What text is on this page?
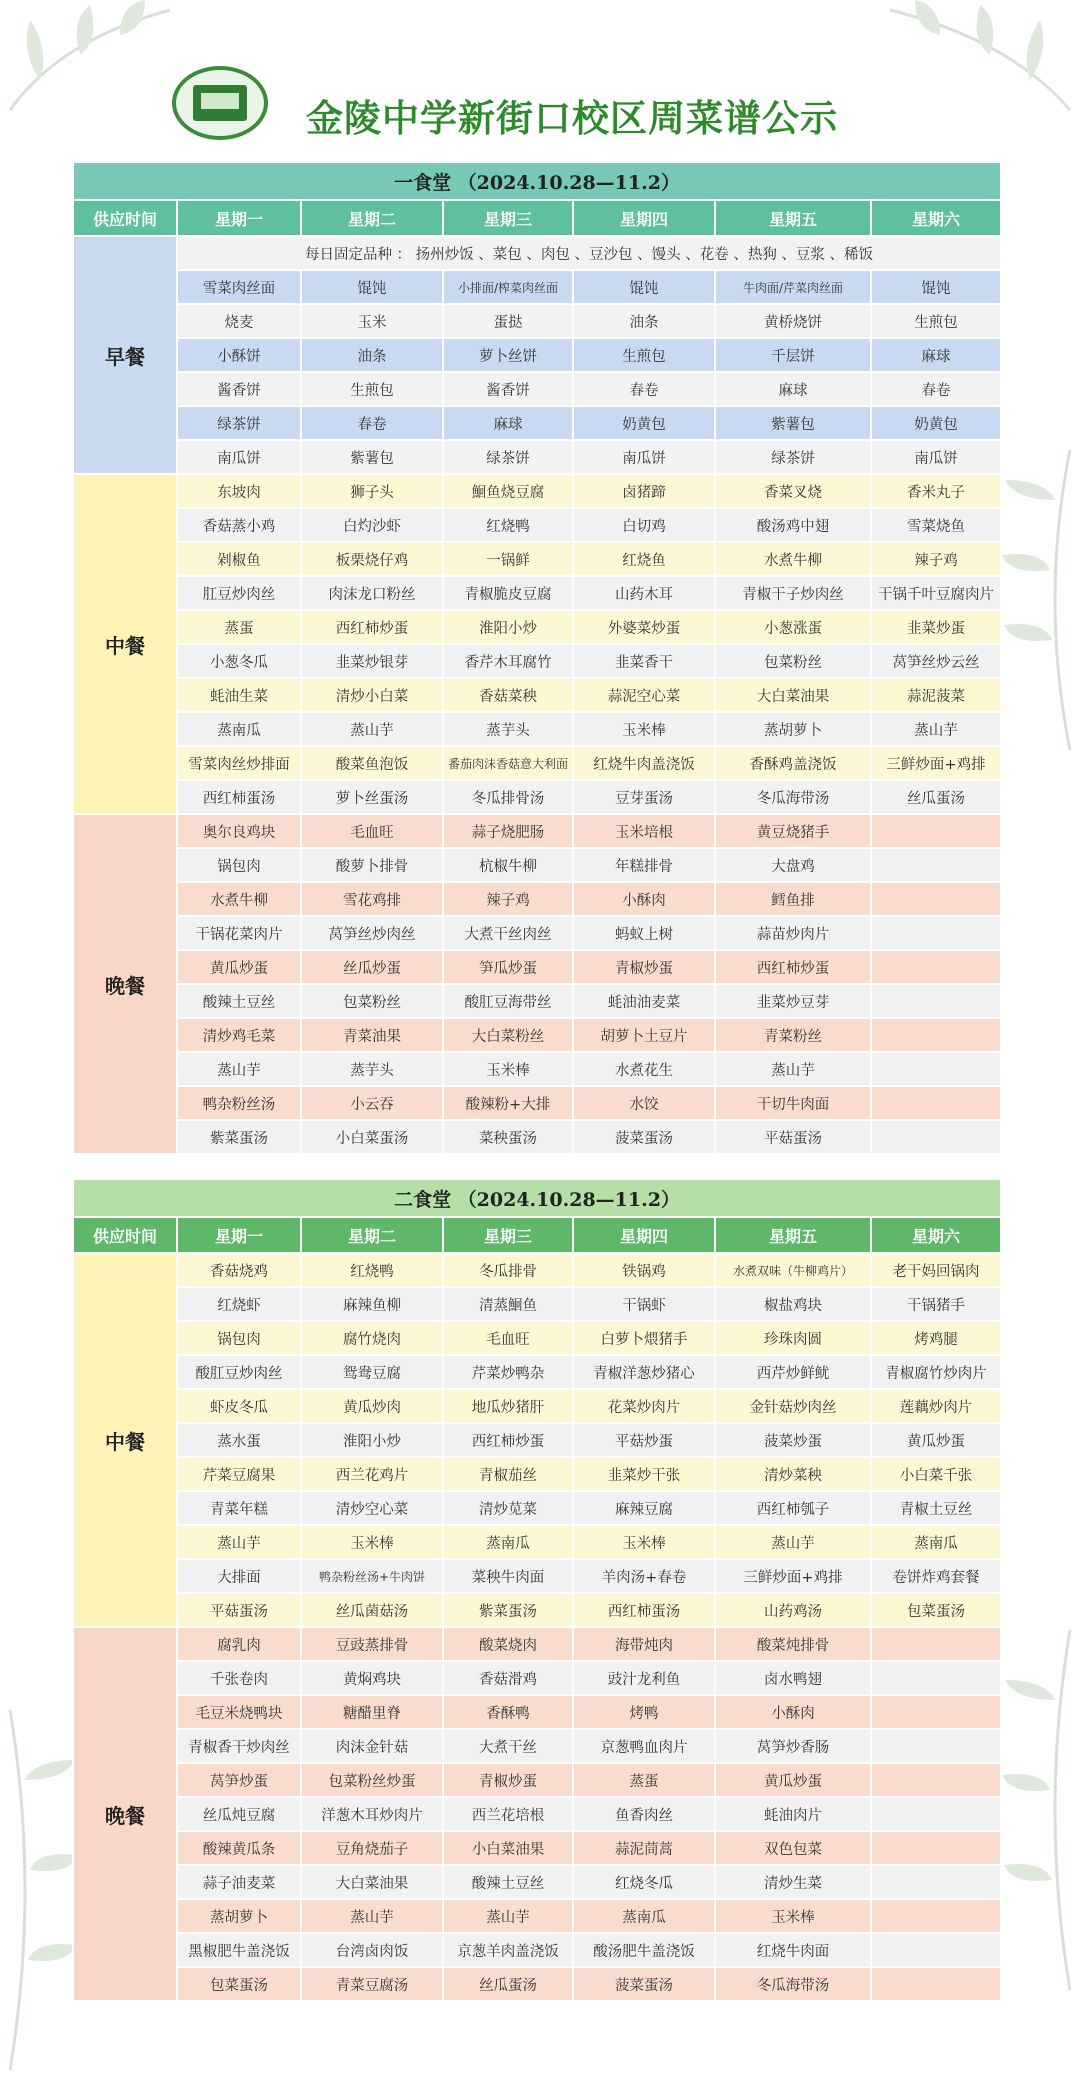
金陵中学新街口校区周菜谱公示
一食堂 （2024.10.28—11.2）						
供应时间	星期一	星期二	星期三	星期四	星期五	星期六
早餐	每日固定品种 ： 扬州炒饭 、菜包 、肉包 、豆沙包 、馒头 、花卷 、热狗 、豆浆 、稀饭					
	雪菜肉丝面	馄饨	小排面/榨菜肉丝面	馄饨	牛肉面/芹菜肉丝面	馄饨
	烧麦	玉米	蛋挞	油条	黄桥烧饼	生煎包
	小酥饼	油条	萝卜丝饼	生煎包	千层饼	麻球
	酱香饼	生煎包	酱香饼	春卷	麻球	春卷
	绿茶饼	春卷	麻球	奶黄包	紫薯包	奶黄包
	南瓜饼	紫薯包	绿茶饼	南瓜饼	绿茶饼	南瓜饼
中餐	东坡肉	狮子头	鮰鱼烧豆腐	卤猪蹄	香菜叉烧	香米丸子
	香菇蒸小鸡	白灼沙虾	红烧鸭	白切鸡	酸汤鸡中翅	雪菜烧鱼
	剁椒鱼	板栗烧仔鸡	一锅鲜	红烧鱼	水煮牛柳	辣子鸡
	肛豆炒肉丝	肉沫龙口粉丝	青椒脆皮豆腐	山药木耳	青椒干子炒肉丝	干锅千叶豆腐肉片
	蒸蛋	西红柿炒蛋	淮阳小炒	外婆菜炒蛋	小葱涨蛋	韭菜炒蛋
	小葱冬瓜	韭菜炒银芽	香芹木耳腐竹	韭菜香干	包菜粉丝	莴笋丝炒云丝
	蚝油生菜	清炒小白菜	香菇菜秧	蒜泥空心菜	大白菜油果	蒜泥菠菜
	蒸南瓜	蒸山芋	蒸芋头	玉米棒	蒸胡萝卜	蒸山芋
	雪菜肉丝炒排面	酸菜鱼泡饭	番茄肉沫香菇意大利面	红烧牛肉盖浇饭	香酥鸡盖浇饭	三鲜炒面+鸡排
	西红柿蛋汤	萝卜丝蛋汤	冬瓜排骨汤	豆芽蛋汤	冬瓜海带汤	丝瓜蛋汤
晚餐	奥尔良鸡块	毛血旺	蒜子烧肥肠	玉米培根	黄豆烧猪手	
	锅包肉	酸萝卜排骨	杭椒牛柳	年糕排骨	大盘鸡	
	水煮牛柳	雪花鸡排	辣子鸡	小酥肉	鳕鱼排	
	干锅花菜肉片	莴笋丝炒肉丝	大煮干丝肉丝	蚂蚁上树	蒜苗炒肉片	
	黄瓜炒蛋	丝瓜炒蛋	笋瓜炒蛋	青椒炒蛋	西红柿炒蛋	
	酸辣土豆丝	包菜粉丝	酸肛豆海带丝	蚝油油麦菜	韭菜炒豆芽	
	清炒鸡毛菜	青菜油果	大白菜粉丝	胡萝卜土豆片	青菜粉丝	
	蒸山芋	蒸芋头	玉米棒	水煮花生	蒸山芋	
	鸭杂粉丝汤	小云吞	酸辣粉+大排	水饺	干切牛肉面	
	紫菜蛋汤	小白菜蛋汤	菜秧蛋汤	菠菜蛋汤	平菇蛋汤	
二食堂 （2024.10.28—11.2）						
供应时间	星期一	星期二	星期三	星期四	星期五	星期六
中餐	香菇烧鸡	红烧鸭	冬瓜排骨	铁锅鸡	水煮双味（牛柳鸡片）	老干妈回锅肉
	红烧虾	麻辣鱼柳	清蒸鮰鱼	干锅虾	椒盐鸡块	干锅猪手
	锅包肉	腐竹烧肉	毛血旺	白萝卜煨猪手	珍珠肉圆	烤鸡腿
	酸肛豆炒肉丝	鸳鸯豆腐	芹菜炒鸭杂	青椒洋葱炒猪心	西芹炒鲜鱿	青椒腐竹炒肉片
	虾皮冬瓜	黄瓜炒肉	地瓜炒猪肝	花菜炒肉片	金针菇炒肉丝	莲藕炒肉片
	蒸水蛋	淮阳小炒	西红柿炒蛋	平菇炒蛋	菠菜炒蛋	黄瓜炒蛋
	芹菜豆腐果	西兰花鸡片	青椒茄丝	韭菜炒干张	清炒菜秧	小白菜千张
	青菜年糕	清炒空心菜	清炒苋菜	麻辣豆腐	西红柿瓠子	青椒土豆丝
	蒸山芋	玉米棒	蒸南瓜	玉米棒	蒸山芋	蒸南瓜
	大排面	鸭杂粉丝汤+牛肉饼	菜秧牛肉面	羊肉汤+春卷	三鲜炒面+鸡排	卷饼炸鸡套餐
	平菇蛋汤	丝瓜菌菇汤	紫菜蛋汤	西红柿蛋汤	山药鸡汤	包菜蛋汤
晚餐	腐乳肉	豆豉蒸排骨	酸菜烧肉	海带炖肉	酸菜炖排骨	
	千张卷肉	黄焖鸡块	香菇滑鸡	豉汁龙利鱼	卤水鸭翅	
	毛豆米烧鸭块	糖醋里脊	香酥鸭	烤鸭	小酥肉	
	青椒香干炒肉丝	肉沫金针菇	大煮干丝	京葱鸭血肉片	莴笋炒香肠	
	莴笋炒蛋	包菜粉丝炒蛋	青椒炒蛋	蒸蛋	黄瓜炒蛋	
	丝瓜炖豆腐	洋葱木耳炒肉片	西兰花培根	鱼香肉丝	蚝油肉片	
	酸辣黄瓜条	豆角烧茄子	小白菜油果	蒜泥茼蒿	双色包菜	
	蒜子油麦菜	大白菜油果	酸辣土豆丝	红烧冬瓜	清炒生菜	
	蒸胡萝卜	蒸山芋	蒸山芋	蒸南瓜	玉米棒	
	黑椒肥牛盖浇饭	台湾卤肉饭	京葱羊肉盖浇饭	酸汤肥牛盖浇饭	红烧牛肉面	
	包菜蛋汤	青菜豆腐汤	丝瓜蛋汤	菠菜蛋汤	冬瓜海带汤	
